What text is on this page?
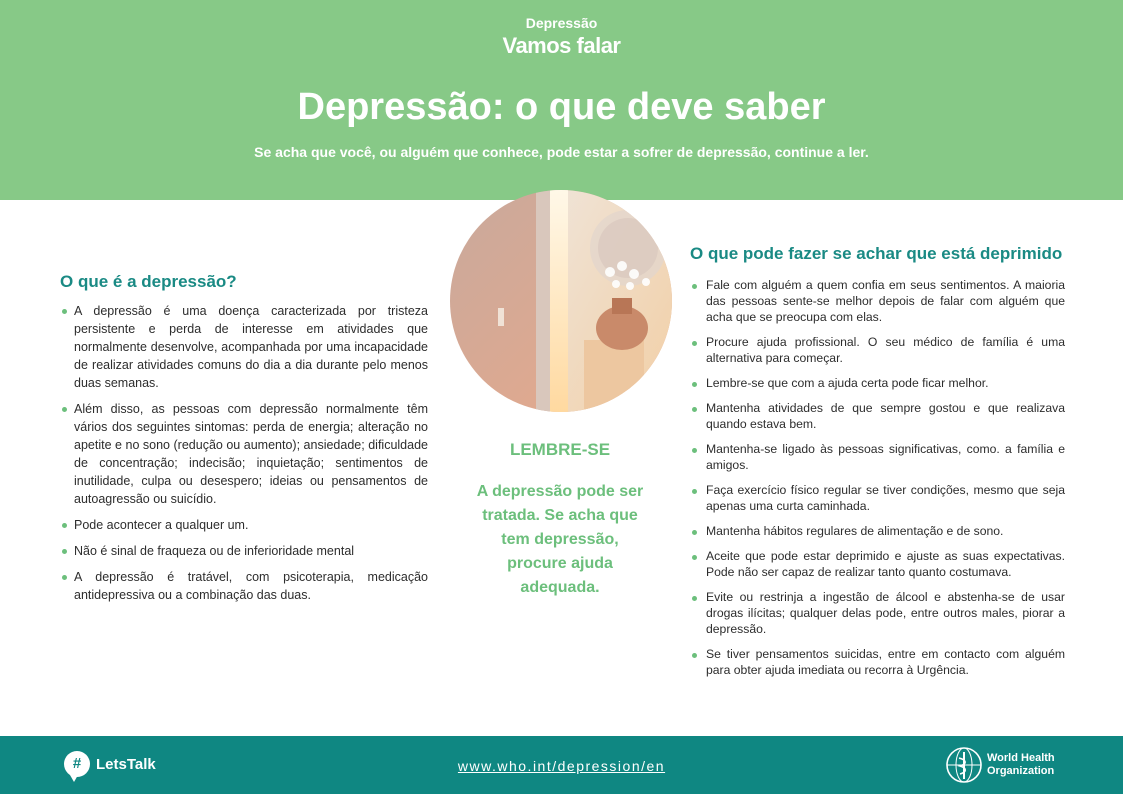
Depressão
Vamos falar
Depressão: o que deve saber
Se acha que você, ou alguém que conhece, pode estar a sofrer de depressão, continue a ler.
O que é a depressão?
A depressão é uma doença caracterizada por tristeza persistente e perda de interesse em atividades que normalmente desenvolve, acompanhada por uma incapacidade de realizar atividades comuns do dia a dia durante pelo menos duas semanas.
Além disso, as pessoas com depressão normalmente têm vários dos seguintes sintomas: perda de energia; alteração no apetite e no sono (redução ou aumento); ansiedade; dificuldade de concentração; indecisão; inquietação; sentimentos de inutilidade, culpa ou desespero; ideias ou pensamentos de autoagressão ou suicídio.
Pode acontecer a qualquer um.
Não é sinal de fraqueza ou de inferioridade mental
A depressão é tratável, com psicoterapia, medicação antidepressiva ou a combinação das duas.
LEMBRE-SE
A depressão pode ser tratada. Se acha que tem depressão, procure ajuda adequada.
O que pode fazer se achar que está deprimido
Fale com alguém a quem confia em seus sentimentos. A maioria das pessoas sente-se melhor depois de falar com alguém que acha que se preocupa com elas.
Procure ajuda profissional. O seu médico de família é uma alternativa para começar.
Lembre-se que com a ajuda certa pode ficar melhor.
Mantenha atividades de que sempre gostou e que realizava quando estava bem.
Mantenha-se ligado às pessoas significativas, como. a família e amigos.
Faça exercício físico regular se tiver condições, mesmo que seja apenas uma curta caminhada.
Mantenha hábitos regulares de alimentação e de sono.
Aceite que pode estar deprimido e ajuste as suas expectativas. Pode não ser capaz de realizar tanto quanto costumava.
Evite ou restrinja a ingestão de álcool e abstenha-se de usar drogas ilícitas; qualquer delas pode, entre outros males, piorar a depressão.
Se tiver pensamentos suicidas, entre em contacto com alguém para obter ajuda imediata ou recorra à Urgência.
# LetsTalk	www.who.int/depression/en	World Health
Organization
